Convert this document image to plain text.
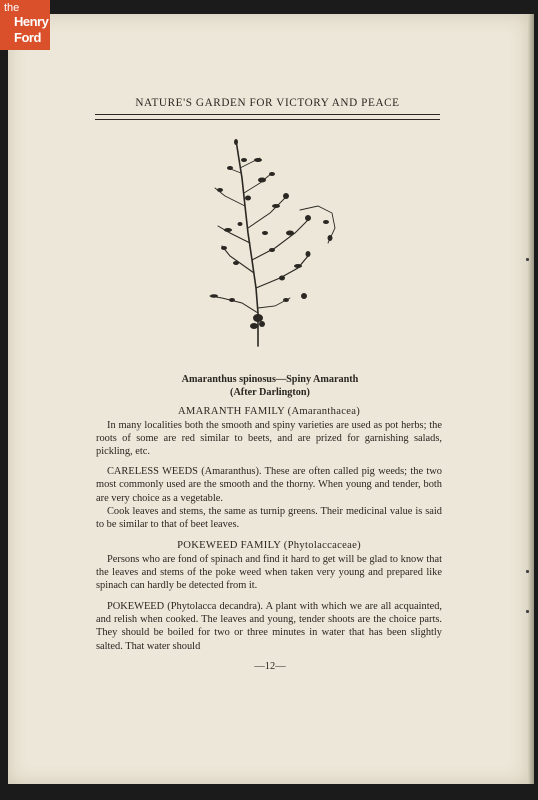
the
Henry
Ford
NATURE'S GARDEN FOR VICTORY AND PEACE
Amaranthus spinosus—Spiny Amaranth
(After Darlington)
AMARANTH FAMILY (Amaranthacea)

In many localities both the smooth and spiny varieties are used as pot herbs; the roots of some are red similar to beets, and are prized for garnishing salads, pickling, etc.

CARELESS WEEDS (Amaranthus). These are often called pig weeds; the two most commonly used are the smooth and the thorny. When young and tender, both are very choice as a vegetable.

Cook leaves and stems, the same as turnip greens. Their medicinal value is said to be similar to that of beet leaves.

POKEWEED FAMILY (Phytolaccaceae)

Persons who are fond of spinach and find it hard to get will be glad to know that the leaves and stems of the poke weed when taken very young and prepared like spinach can hardly be detected from it.

POKEWEED (Phytolacca decandra). A plant with which we are all acquainted, and relish when cooked. The leaves and young, tender shoots are the choice parts. They should be boiled for two or three minutes in water that has been slightly salted. That water should

—12—
